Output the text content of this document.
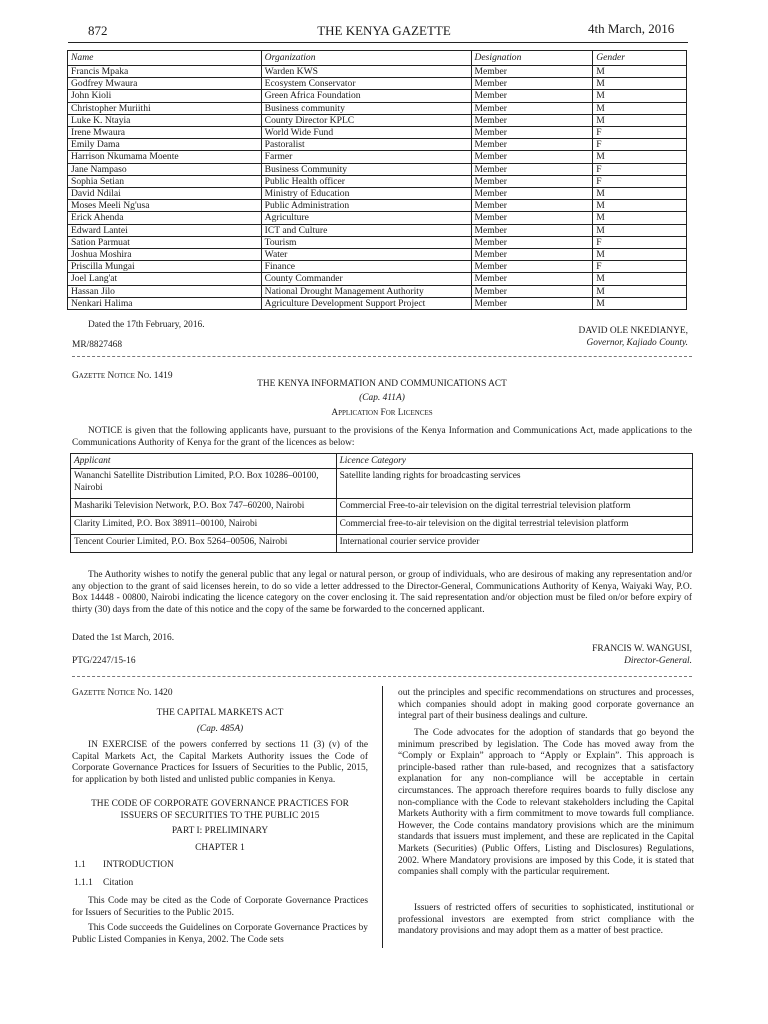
872	THE KENYA GAZETTE	4th March, 2016
Name	Organization	Designation	Gender
Francis Mpaka	Warden KWS	Member	M
Godfrey Mwaura	Ecosystem Conservator	Member	M
John Kioli	Green Africa Foundation	Member	M
Christopher Muriithi	Business community	Member	M
Luke K. Ntayia	County Director KPLC	Member	M
Irene Mwaura	World Wide Fund	Member	F
Emily Dama	Pastoralist	Member	F
Harrison Nkumama Moente	Farmer	Member	M
Jane Nampaso	Business Community	Member	F
Sophia Setian	Public Health officer	Member	F
David Ndilai	Ministry of Education	Member	M
Moses Meeli Ng'usa	Public Administration	Member	M
Erick Ahenda	Agriculture	Member	M
Edward Lantei	ICT and Culture	Member	M
Sation Parmuat	Tourism	Member	F
Joshua Moshira	Water	Member	M
Priscilla Mungai	Finance	Member	F
Joel Lang'at	County Commander	Member	M
Hassan Jilo	National Drought Management Authority	Member	M
Nenkari Halima	Agriculture Development Support Project	Member	M
Dated the 17th February, 2016.
DAVID OLE NKEDIANYE,
Governor, Kajiado County.
MR/8827468
Gazette Notice No. 1419
THE KENYA INFORMATION AND COMMUNICATIONS ACT
(Cap. 411A)
Application For Licences
NOTICE is given that the following applicants have, pursuant to the provisions of the Kenya Information and Communications Act, made applications to the Communications Authority of Kenya for the grant of the licences as below:
Applicant	Licence Category
Wananchi Satellite Distribution Limited, P.O. Box 10286–00100, Nairobi	Satellite landing rights for broadcasting services
Mashariki Television Network, P.O. Box 747–60200, Nairobi	Commercial Free-to-air television on the digital terrestrial television platform
Clarity Limited, P.O. Box 38911–00100, Nairobi	Commercial free-to-air television on the digital terrestrial television platform
Tencent Courier Limited, P.O. Box 5264–00506, Nairobi	International courier service provider
The Authority wishes to notify the general public that any legal or natural person, or group of individuals, who are desirous of making any representation and/or any objection to the grant of said licenses herein, to do so vide a letter addressed to the Director-General, Communications Authority of Kenya, Waiyaki Way, P.O. Box 14448 - 00800, Nairobi indicating the licence category on the cover enclosing it. The said representation and/or objection must be filed on/or before expiry of thirty (30) days from the date of this notice and the copy of the same be forwarded to the concerned applicant.
Dated the 1st March, 2016.
FRANCIS W. WANGUSI,
Director-General.
PTG/2247/15-16
Gazette Notice No. 1420
THE CAPITAL MARKETS ACT
(Cap. 485A)
IN EXERCISE of the powers conferred by sections 11 (3) (v) of the Capital Markets Act, the Capital Markets Authority issues the Code of Corporate Governance Practices for Issuers of Securities to the Public, 2015, for application by both listed and unlisted public companies in Kenya.
THE CODE OF CORPORATE GOVERNANCE PRACTICES FOR ISSUERS OF SECURITIES TO THE PUBLIC 2015
PART I: PRELIMINARY
CHAPTER 1
1.1 INTRODUCTION
1.1.1 Citation
This Code may be cited as the Code of Corporate Governance Practices for Issuers of Securities to the Public 2015.
This Code succeeds the Guidelines on Corporate Governance Practices by Public Listed Companies in Kenya, 2002. The Code sets
out the principles and specific recommendations on structures and processes, which companies should adopt in making good corporate governance an integral part of their business dealings and culture.
The Code advocates for the adoption of standards that go beyond the minimum prescribed by legislation. The Code has moved away from the “Comply or Explain” approach to “Apply or Explain”. This approach is principle-based rather than rule-based, and recognizes that a satisfactory explanation for any non-compliance will be acceptable in certain circumstances. The approach therefore requires boards to fully disclose any non-compliance with the Code to relevant stakeholders including the Capital Markets Authority with a firm commitment to move towards full compliance. However, the Code contains mandatory provisions which are the minimum standards that issuers must implement, and these are replicated in the Capital Markets (Securities) (Public Offers, Listing and Disclosures) Regulations, 2002. Where Mandatory provisions are imposed by this Code, it is stated that companies shall comply with the particular requirement.
Issuers of restricted offers of securities to sophisticated, institutional or professional investors are exempted from strict compliance with the mandatory provisions and may adopt them as a matter of best practice.
